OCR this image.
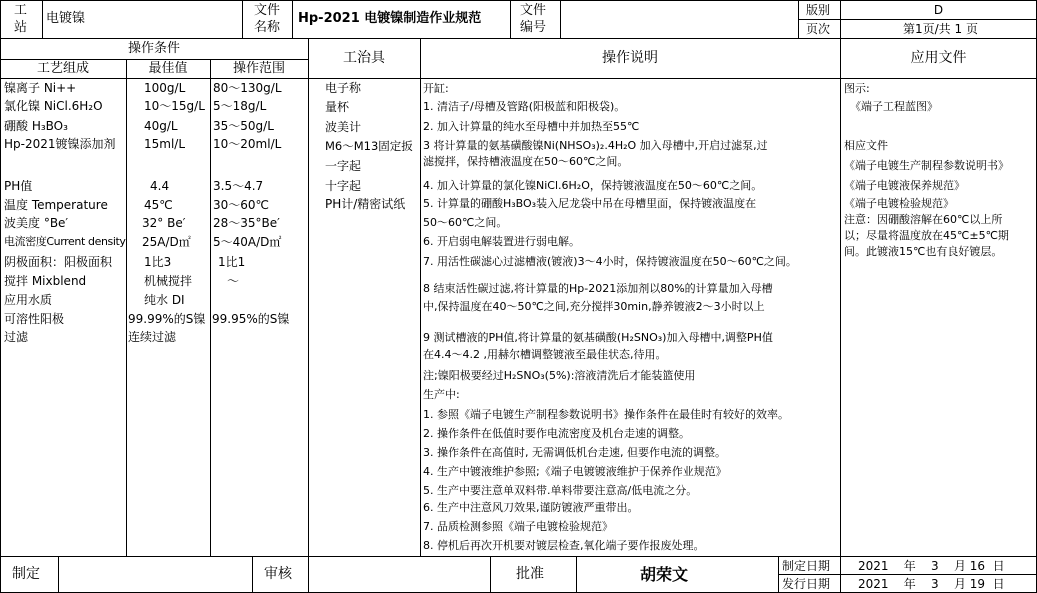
工
站
电镀镍
文件
名称
Hp-2021 电镀镍制造作业规范
文件
编号
版别	D
页次	第1页/共 1 页
操作条件
工艺组成	最佳值	操作范围
镍离子 Ni++	100g/L 80～130g/L
氯化镍 NiCl.6H₂O	10～15g/L 5～18g/L
硼酸 H₃BO₃	40g/L	35～50g/L
Hp-2021镀镍添加剂 15ml/L 10～20ml/L
PH值	4.4	3.5～4.7
温度 Temperature	45℃	30～60℃
波美度 °Be′	32° Be′ 28～35°Be′
电流密度Current density 25A/D㎡ 5～40A/D㎡
阴极面积：阳极面积	1比3	1比1
搅拌 Mixblend	机械搅拌	～
应用水质	纯水 DI
可溶性阳极	99.99%的S镍 99.95%的S镍
过滤	连续过滤
工治具
电子称
量杯
波美计
M6～M13固定扳
一字起
十字起
PH计/精密试纸
操作说明
开缸:
1. 清洁子/母槽及管路(阳极蓝和阳极袋)。
2. 加入计算量的纯水至母槽中并加热至55℃
3 将计算量的氨基磺酸镍Ni(NHSO₃)₂.4H₂O 加入母槽中,开启过滤泵,过
滤搅拌，保持槽液温度在50～60℃之间。
4. 加入计算量的氯化镍NiCl.6H₂O，保持镀液温度在50～60℃之间。
5. 计算量的硼酸H₃BO₃装入尼龙袋中吊在母槽里面，保持镀液温度在
50～60℃之间。
6. 开启弱电解装置进行弱电解。
7. 用活性碳滤心过滤槽液(镀液)3～4小时，保持镀液温度在50～60℃之间。
8 结束活性碳过滤,将计算量的Hp-2021添加剂以80%的计算量加入母槽
中,保持温度在40～50℃之间,充分搅拌30min,静养镀液2～3小时以上
9 测试槽液的PH值,将计算量的氨基磺酸(H₂SNO₃)加入母槽中,调整PH值
在4.4～4.2 ,用赫尔槽调整镀液至最佳状态,待用。
注;镍阳极要经过H₂SNO₃(5%):溶液清洗后才能装篮使用
生产中:
1. 参照《端子电镀生产制程参数说明书》操作条件在最佳时有较好的效率。
2. 操作条件在低值时要作电流密度及机台走速的调整。
3. 操作条件在高值时, 无需调低机台走速, 但要作电流的调整。
4. 生产中镀液维护参照;《端子电镀镀液维护于保养作业规范》
5. 生产中要注意单双料带.单料带要注意高/低电流之分。
6. 生产中注意风刀效果,谨防镀液严重带出。
7. 品质检测参照《端子电镀检验规范》
8. 停机后再次开机要对镀层检查,氧化端子要作报废处理。
应用文件
图示:
《端子工程蓝图》
相应文件
《端子电镀生产制程参数说明书》
《端子电镀液保养规范》
《端子电镀检验规范》
注意：因硼酸溶解在60℃以上所
以；尽量将温度放在45℃±5℃期
间。此镀液15℃也有良好镀层。
制定	审核	批准	胡荣文	制定日期 2021    年    3    月 16  日
发行日期 2021    年    3    月 19  日
